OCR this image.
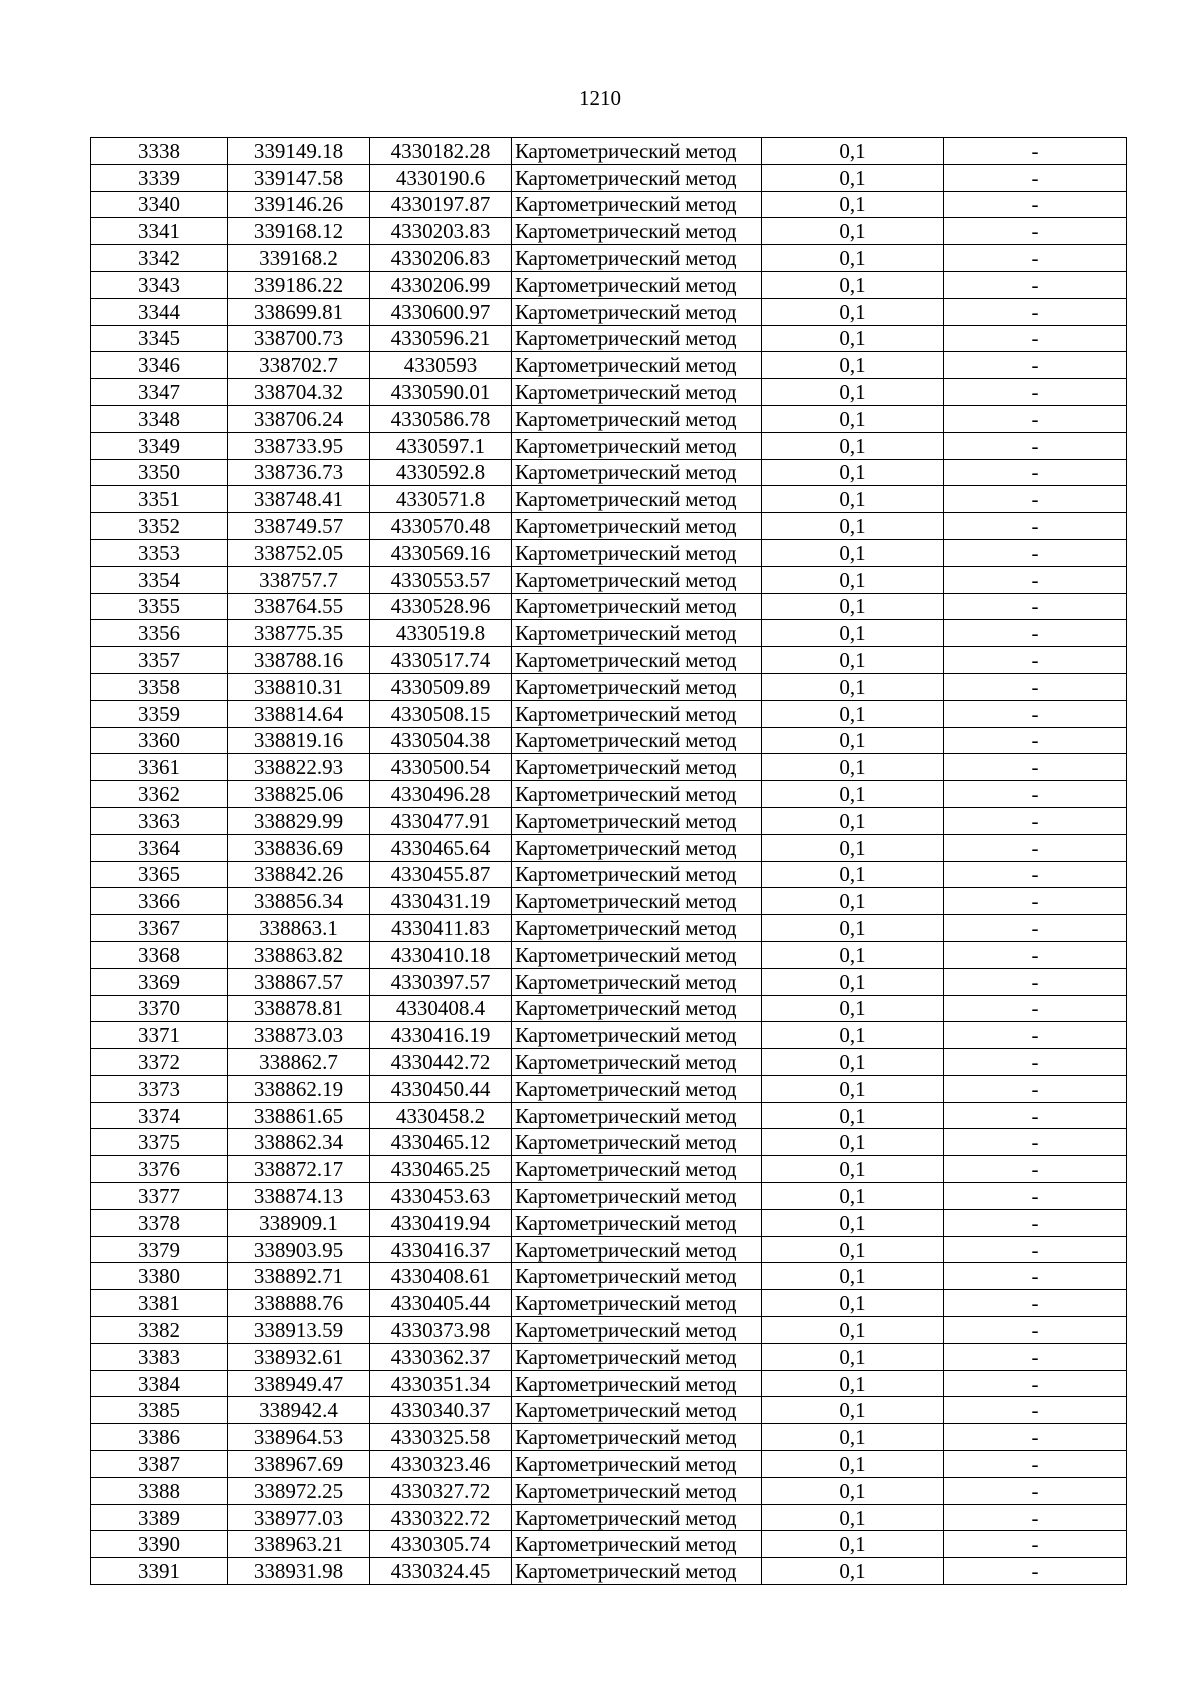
1210
3338	339149.18	4330182.28	Картометрический метод	0,1	-
3339	339147.58	4330190.6	Картометрический метод	0,1	-
3340	339146.26	4330197.87	Картометрический метод	0,1	-
3341	339168.12	4330203.83	Картометрический метод	0,1	-
3342	339168.2	4330206.83	Картометрический метод	0,1	-
3343	339186.22	4330206.99	Картометрический метод	0,1	-
3344	338699.81	4330600.97	Картометрический метод	0,1	-
3345	338700.73	4330596.21	Картометрический метод	0,1	-
3346	338702.7	4330593	Картометрический метод	0,1	-
3347	338704.32	4330590.01	Картометрический метод	0,1	-
3348	338706.24	4330586.78	Картометрический метод	0,1	-
3349	338733.95	4330597.1	Картометрический метод	0,1	-
3350	338736.73	4330592.8	Картометрический метод	0,1	-
3351	338748.41	4330571.8	Картометрический метод	0,1	-
3352	338749.57	4330570.48	Картометрический метод	0,1	-
3353	338752.05	4330569.16	Картометрический метод	0,1	-
3354	338757.7	4330553.57	Картометрический метод	0,1	-
3355	338764.55	4330528.96	Картометрический метод	0,1	-
3356	338775.35	4330519.8	Картометрический метод	0,1	-
3357	338788.16	4330517.74	Картометрический метод	0,1	-
3358	338810.31	4330509.89	Картометрический метод	0,1	-
3359	338814.64	4330508.15	Картометрический метод	0,1	-
3360	338819.16	4330504.38	Картометрический метод	0,1	-
3361	338822.93	4330500.54	Картометрический метод	0,1	-
3362	338825.06	4330496.28	Картометрический метод	0,1	-
3363	338829.99	4330477.91	Картометрический метод	0,1	-
3364	338836.69	4330465.64	Картометрический метод	0,1	-
3365	338842.26	4330455.87	Картометрический метод	0,1	-
3366	338856.34	4330431.19	Картометрический метод	0,1	-
3367	338863.1	4330411.83	Картометрический метод	0,1	-
3368	338863.82	4330410.18	Картометрический метод	0,1	-
3369	338867.57	4330397.57	Картометрический метод	0,1	-
3370	338878.81	4330408.4	Картометрический метод	0,1	-
3371	338873.03	4330416.19	Картометрический метод	0,1	-
3372	338862.7	4330442.72	Картометрический метод	0,1	-
3373	338862.19	4330450.44	Картометрический метод	0,1	-
3374	338861.65	4330458.2	Картометрический метод	0,1	-
3375	338862.34	4330465.12	Картометрический метод	0,1	-
3376	338872.17	4330465.25	Картометрический метод	0,1	-
3377	338874.13	4330453.63	Картометрический метод	0,1	-
3378	338909.1	4330419.94	Картометрический метод	0,1	-
3379	338903.95	4330416.37	Картометрический метод	0,1	-
3380	338892.71	4330408.61	Картометрический метод	0,1	-
3381	338888.76	4330405.44	Картометрический метод	0,1	-
3382	338913.59	4330373.98	Картометрический метод	0,1	-
3383	338932.61	4330362.37	Картометрический метод	0,1	-
3384	338949.47	4330351.34	Картометрический метод	0,1	-
3385	338942.4	4330340.37	Картометрический метод	0,1	-
3386	338964.53	4330325.58	Картометрический метод	0,1	-
3387	338967.69	4330323.46	Картометрический метод	0,1	-
3388	338972.25	4330327.72	Картометрический метод	0,1	-
3389	338977.03	4330322.72	Картометрический метод	0,1	-
3390	338963.21	4330305.74	Картометрический метод	0,1	-
3391	338931.98	4330324.45	Картометрический метод	0,1	-
